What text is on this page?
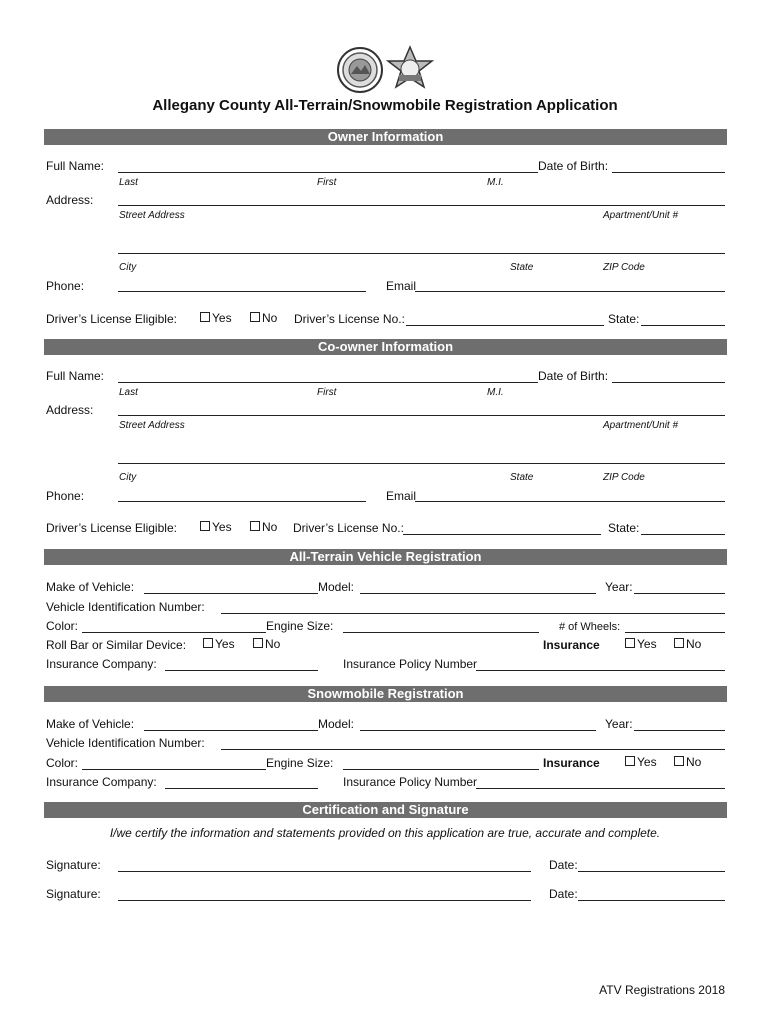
Allegany County All-Terrain/Snowmobile Registration Application
Owner Information
Full Name:	Date of Birth:
Last	First	M.I.
Address:
Street Address	Apartment/Unit #
City	State	ZIP Code
Phone:	Email
Driver’s License Eligible:	Yes	No Driver’s License No.:	State:
Co-owner Information
Full Name:	Date of Birth:
Last	First	M.I.
Address:
Street Address	Apartment/Unit #
City	State	ZIP Code
Phone:	Email
Driver’s License Eligible:	Yes	No Driver’s License No.:	State:
All-Terrain Vehicle Registration
Make of Vehicle:	Model:	Year:
Vehicle Identification Number:
Color:	Engine Size:	# of Wheels:
Roll Bar or Similar Device:	Yes	No	Insurance	Yes	No
Insurance Company:	Insurance Policy Number
Snowmobile Registration
Make of Vehicle:	Model:	Year:
Vehicle Identification Number:
Color:	Engine Size:	Insurance	Yes	No
Insurance Company:	Insurance Policy Number
Certification and Signature
I/we certify the information and statements provided on this application are true, accurate and complete.
Signature:	Date:
Signature:	Date:
ATV Registrations 2018
